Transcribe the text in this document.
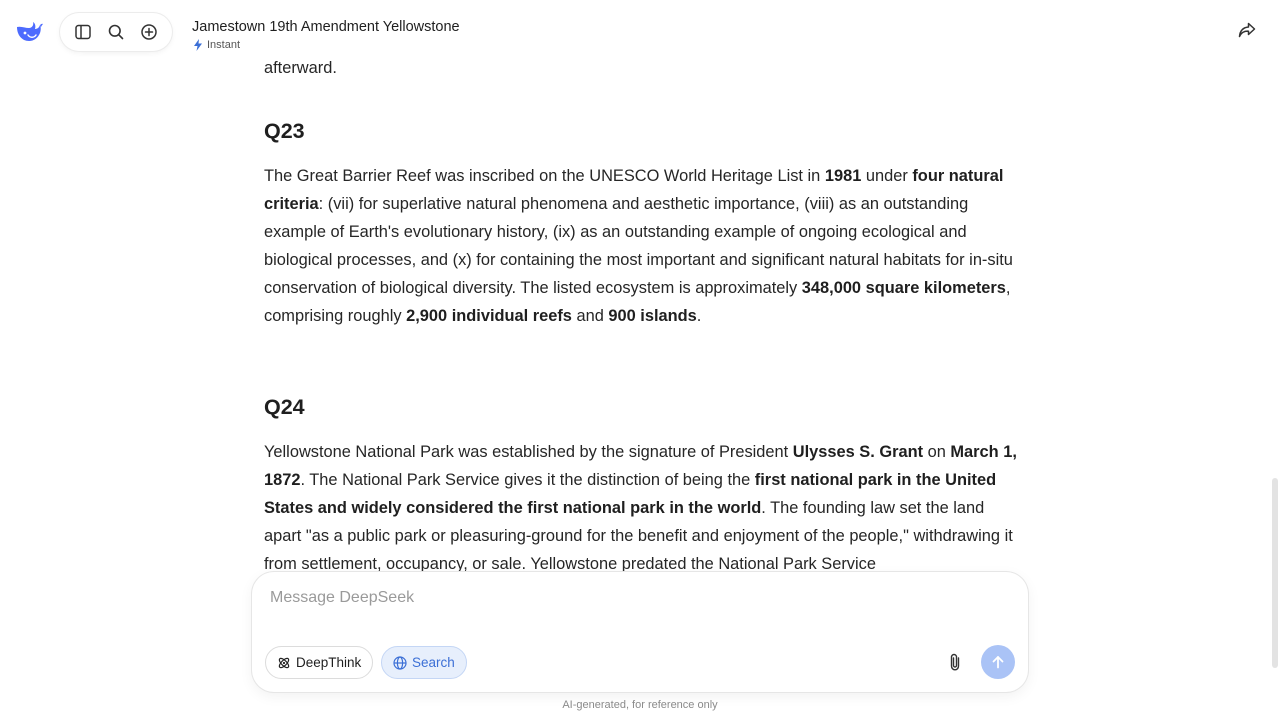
Jamestown 19th Amendment Yellowstone
Instant

afterward.

Q23

The Great Barrier Reef was inscribed on the UNESCO World Heritage List in 1981 under four natural criteria: (vii) for superlative natural phenomena and aesthetic importance, (viii) as an outstanding example of Earth's evolutionary history, (ix) as an outstanding example of ongoing ecological and biological processes, and (x) for containing the most important and significant natural habitats for in-situ conservation of biological diversity. The listed ecosystem is approximately 348,000 square kilometers, comprising roughly 2,900 individual reefs and 900 islands.

Q24

Yellowstone National Park was established by the signature of President Ulysses S. Grant on March 1, 1872. The National Park Service gives it the distinction of being the first national park in the United States and widely considered the first national park in the world. The founding law set the land apart "as a public park or pleasuring-ground for the benefit and enjoyment of the people," withdrawing it from settlement, occupancy, or sale. Yellowstone predated the National Park Service

Message DeepSeek
DeepThink	Search
AI-generated, for reference only
